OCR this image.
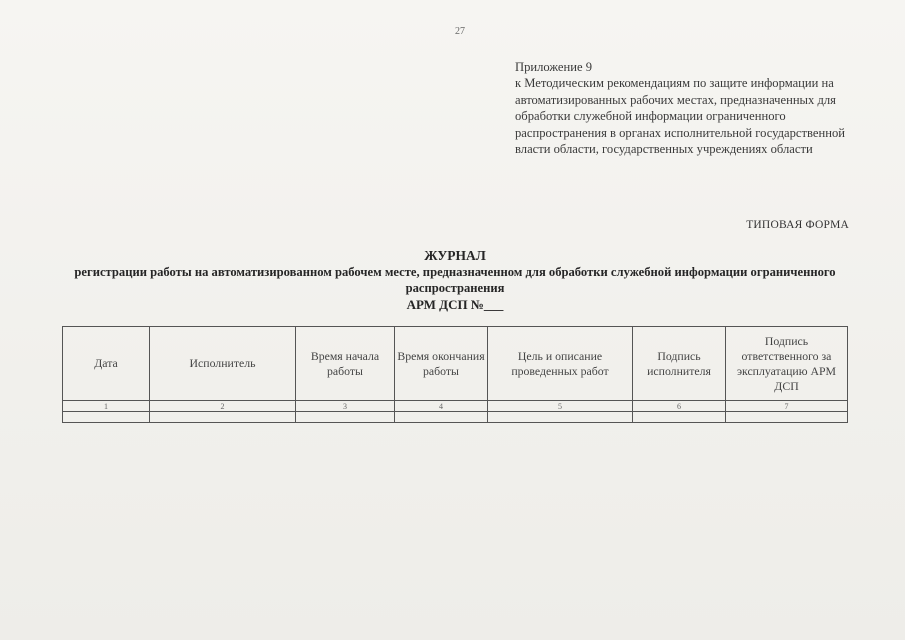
27
Приложение 9
к Методическим рекомендациям по защите информации на автоматизированных рабочих местах, предназначенных для обработки служебной информации ограниченного распространения в органах исполнительной государственной власти области, государственных учреждениях области
ТИПОВАЯ ФОРМА
ЖУРНАЛ
регистрации работы на автоматизированном рабочем месте, предназначенном для обработки служебной информации ограниченного распространения
АРМ ДСП №___
Дата	Исполнитель	Время начала работы	Время окончания работы	Цель и описание проведенных работ	Подпись исполнителя	Подпись ответственного за эксплуатацию АРМ ДСП
1	2	3	4	5	6	7
